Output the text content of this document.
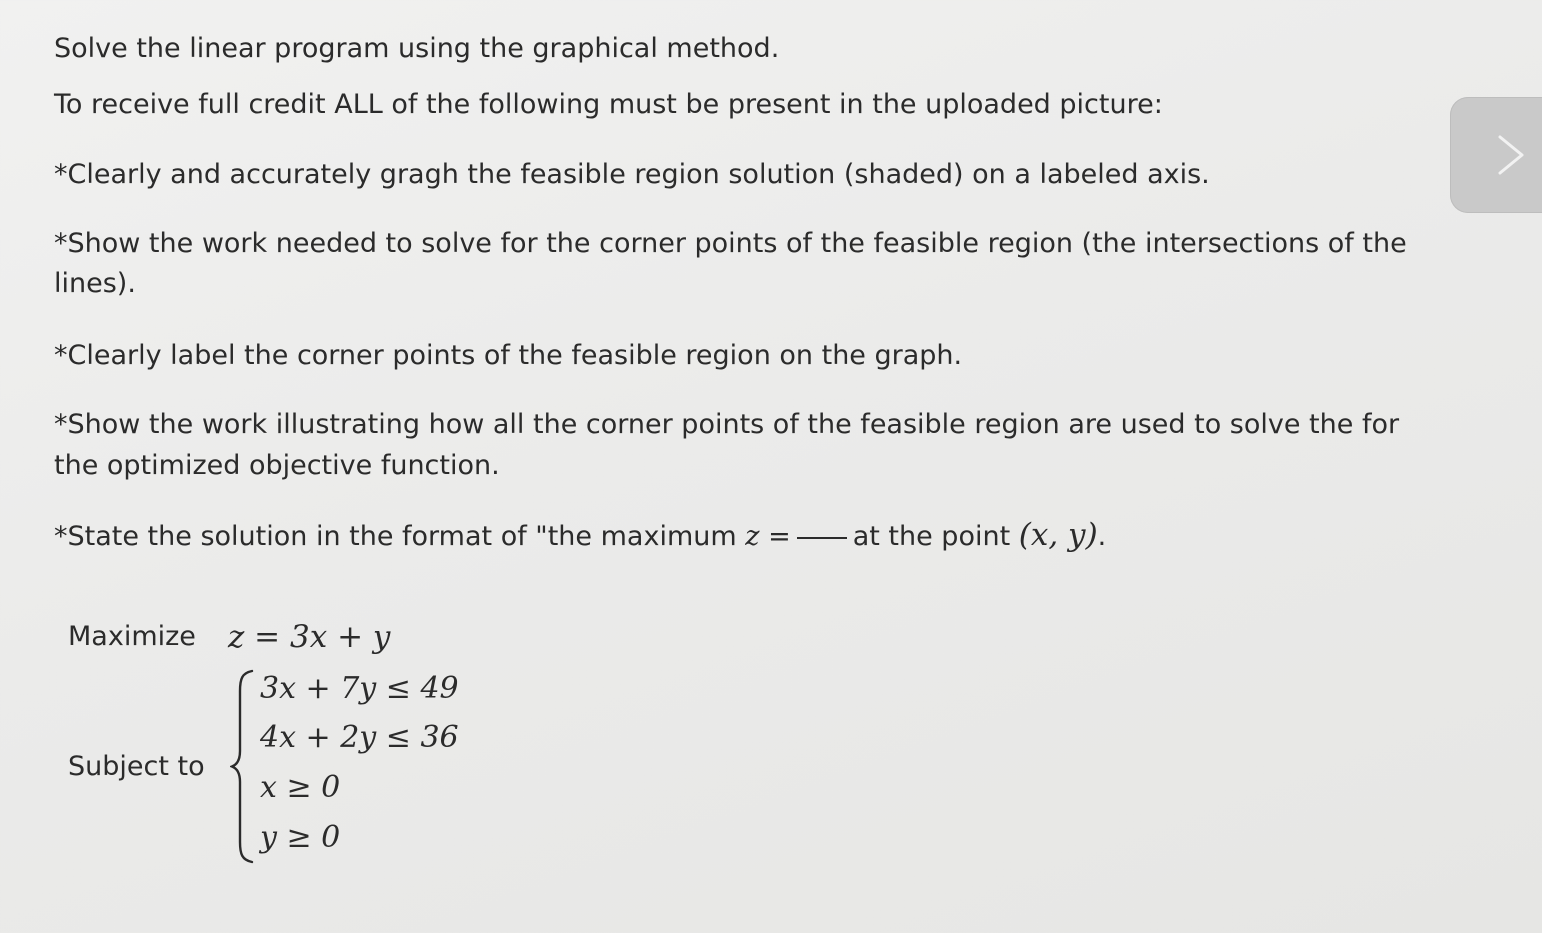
Solve the linear program using the graphical method.
To receive full credit ALL of the following must be present in the uploaded picture:
*Clearly and accurately gragh the feasible region solution (shaded) on a labeled axis.
*Show the work needed to solve for the corner points of the feasible region (the intersections of the
lines).
*Clearly label the corner points of the feasible region on the graph.
*Show the work illustrating how all the corner points of the feasible region are used to solve the for
the optimized objective function.
*State the solution in the format of "the maximum z = at the point (x, y).
Maximize z = 3x + y
Subject to
3x + 7y ≤ 49
4x + 2y ≤ 36
x ≥ 0
y ≥ 0
